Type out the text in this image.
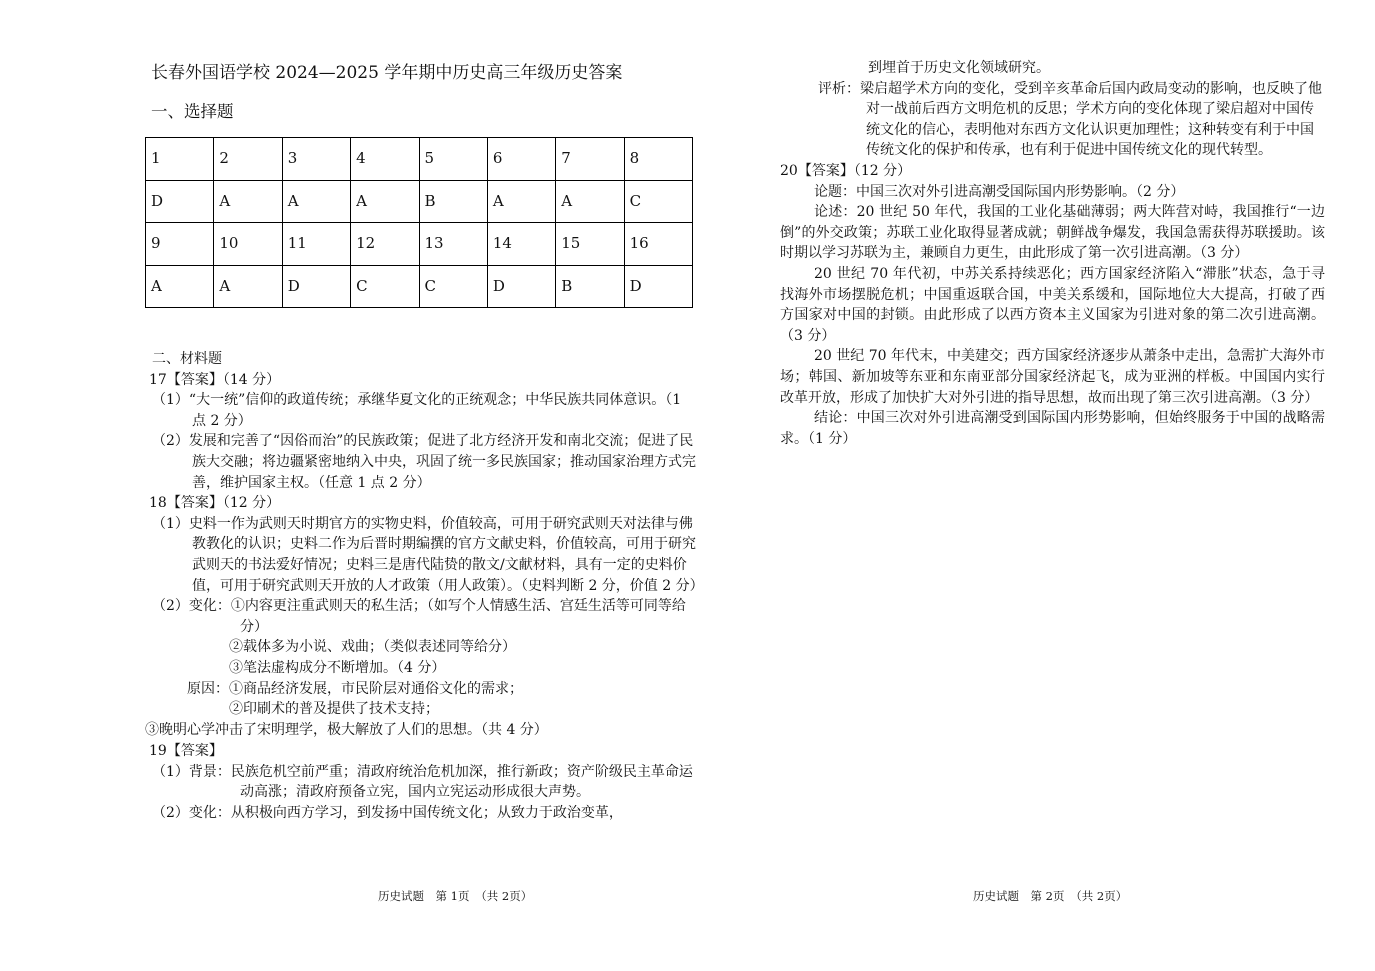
长春外国语学校 2024—2025 学年期中历史高三年级历史答案
一、选择题
1	2	3	4	5	6	7	8
D	A	A	A	B	A	A	C
9	10	11	12	13	14	15	16
A	A	D	C	C	D	B	D
二、材料题
17【答案】（14 分）
（1）“大一统”信仰的政道传统；承继华夏文化的正统观念；中华民族共同体意识。（1 点 2 分）
（2）发展和完善了“因俗而治”的民族政策；促进了北方经济开发和南北交流；促进了民族大交融；将边疆紧密地纳入中央，巩固了统一多民族国家；推动国家治理方式完善，维护国家主权。（任意 1 点 2 分）
18【答案】（12 分）
（1）史料一作为武则天时期官方的实物史料，价值较高，可用于研究武则天对法律与佛教教化的认识；史料二作为后晋时期编撰的官方文献史料，价值较高，可用于研究武则天的书法爱好情况；史料三是唐代陆贽的散文/文献材料，具有一定的史料价值，可用于研究武则天开放的人才政策（用人政策）。（史料判断 2 分，价值 2 分）
（2）变化：①内容更注重武则天的私生活；（如写个人情感生活、宫廷生活等可同等给分）
②载体多为小说、戏曲；（类似表述同等给分）
③笔法虚构成分不断增加。（4 分）
原因：①商品经济发展，市民阶层对通俗文化的需求；
②印刷术的普及提供了技术支持；
③晚明心学冲击了宋明理学，极大解放了人们的思想。（共 4 分）
19【答案】
（1）背景：民族危机空前严重；清政府统治危机加深，推行新政；资产阶级民主革命运动高涨；清政府预备立宪，国内立宪运动形成很大声势。
（2）变化：从积极向西方学习，到发扬中国传统文化；从致力于政治变革，
历史试题　第 1页　（共 2页）
到埋首于历史文化领域研究。
评析：梁启超学术方向的变化，受到辛亥革命后国内政局变动的影响，也反映了他对一战前后西方文明危机的反思；学术方向的变化体现了梁启超对中国传统文化的信心，表明他对东西方文化认识更加理性；这种转变有利于中国传统文化的保护和传承，也有利于促进中国传统文化的现代转型。
20【答案】（12 分）
论题：中国三次对外引进高潮受国际国内形势影响。（2 分）
论述：20 世纪 50 年代，我国的工业化基础薄弱；两大阵营对峙，我国推行“一边倒”的外交政策；苏联工业化取得显著成就；朝鲜战争爆发，我国急需获得苏联援助。该时期以学习苏联为主，兼顾自力更生，由此形成了第一次引进高潮。（3 分）
20 世纪 70 年代初，中苏关系持续恶化；西方国家经济陷入“滞胀”状态，急于寻找海外市场摆脱危机；中国重返联合国，中美关系缓和，国际地位大大提高，打破了西方国家对中国的封锁。由此形成了以西方资本主义国家为引进对象的第二次引进高潮。（3 分）
20 世纪 70 年代末，中美建交；西方国家经济逐步从萧条中走出，急需扩大海外市场；韩国、新加坡等东亚和东南亚部分国家经济起飞，成为亚洲的样板。中国国内实行改革开放，形成了加快扩大对外引进的指导思想，故而出现了第三次引进高潮。（3 分）
结论：中国三次对外引进高潮受到国际国内形势影响，但始终服务于中国的战略需求。（1 分）
历史试题　第 2页　（共 2页）
